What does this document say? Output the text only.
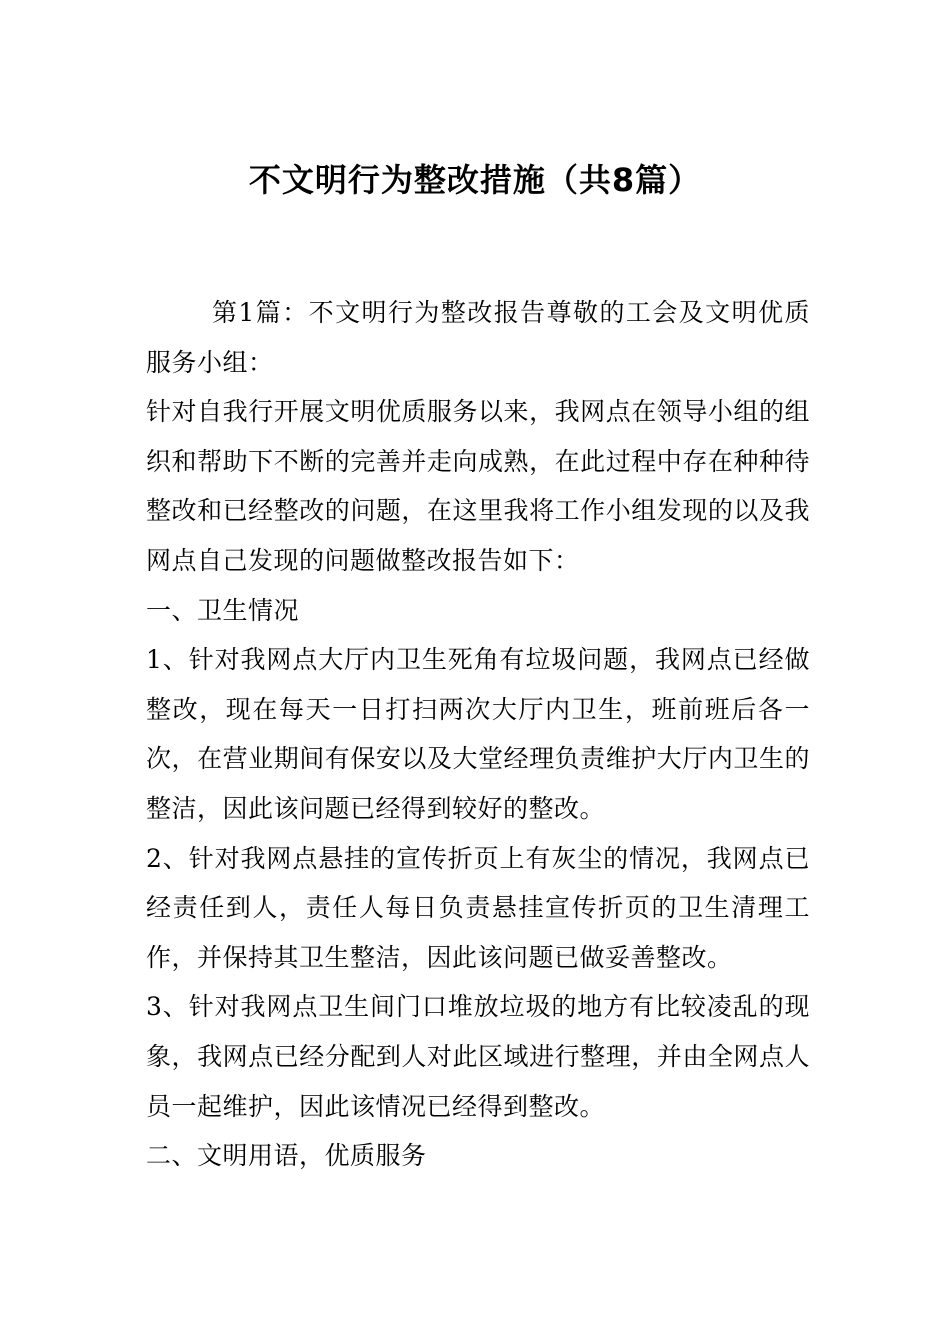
不文明行为整改措施（共8篇）

第1篇：不文明行为整改报告尊敬的工会及文明优质服务小组：

针对自我行开展文明优质服务以来，我网点在领导小组的组织和帮助下不断的完善并走向成熟，在此过程中存在种种待整改和已经整改的问题，在这里我将工作小组发现的以及我网点自己发现的问题做整改报告如下：

一、卫生情况

1、针对我网点大厅内卫生死角有垃圾问题，我网点已经做整改，现在每天一日打扫两次大厅内卫生，班前班后各一次，在营业期间有保安以及大堂经理负责维护大厅内卫生的整洁，因此该问题已经得到较好的整改。

2、针对我网点悬挂的宣传折页上有灰尘的情况，我网点已经责任到人，责任人每日负责悬挂宣传折页的卫生清理工作，并保持其卫生整洁，因此该问题已做妥善整改。

3、针对我网点卫生间门口堆放垃圾的地方有比较凌乱的现象，我网点已经分配到人对此区域进行整理，并由全网点人员一起维护，因此该情况已经得到整改。

二、文明用语，优质服务
